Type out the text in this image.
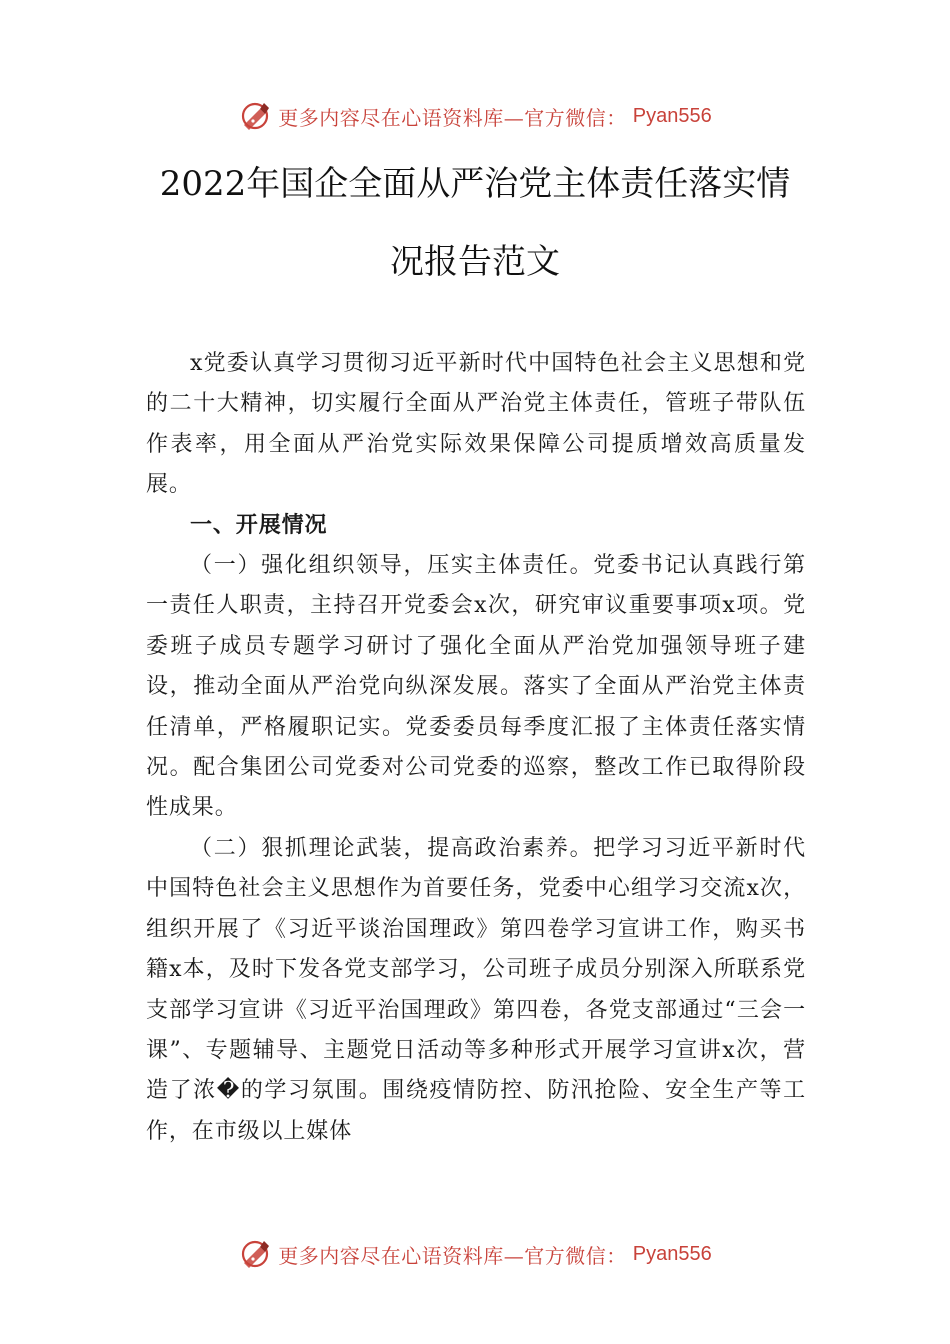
更多内容尽在心语资料库—官方微信： Pyan556
2022年国企全面从严治党主体责任落实情
况报告范文

x党委认真学习贯彻习近平新时代中国特色社会主义思想和党的二十大精神，切实履行全面从严治党主体责任，管班子带队伍作表率，用全面从严治党实际效果保障公司提质增效高质量发展。

一、开展情况

（一）强化组织领导，压实主体责任。党委书记认真践行第一责任人职责，主持召开党委会x次，研究审议重要事项x项。党委班子成员专题学习研讨了强化全面从严治党加强领导班子建设，推动全面从严治党向纵深发展。落实了全面从严治党主体责任清单，严格履职记实。党委委员每季度汇报了主体责任落实情况。配合集团公司党委对公司党委的巡察，整改工作已取得阶段性成果。

（二）狠抓理论武装，提高政治素养。把学习习近平新时代中国特色社会主义思想作为首要任务，党委中心组学习交流x次，组织开展了《习近平谈治国理政》第四卷学习宣讲工作，购买书籍x本，及时下发各党支部学习，公司班子成员分别深入所联系党支部学习宣讲《习近平治国理政》第四卷，各党支部通过“三会一课”、专题辅导、主题党日活动等多种形式开展学习宣讲x次，营造了浓�的学习氛围。围绕疫情防控、防汛抢险、安全生产等工作，在市级以上媒体

更多内容尽在心语资料库—官方微信： Pyan556
